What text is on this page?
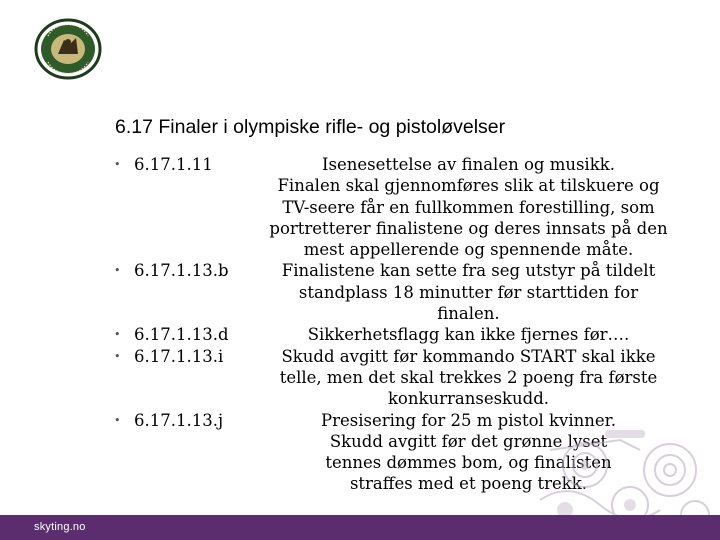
6.17 Finaler i olympiske rifle- og pistoløvelser
• 6.17.1.11	Isenesettelse av finalen og musikk.
Finalen skal gjennomføres slik at tilskuere og
TV-seere får en fullkommen forestilling, som
portretterer finalistene og deres innsats på den
mest appellerende og spennende måte.
• 6.17.1.13.b	Finalistene kan sette fra seg utstyr på tildelt
standplass 18 minutter før starttiden for
finalen.
• 6.17.1.13.d	Sikkerhetsflagg kan ikke fjernes før….
• 6.17.1.13.i	Skudd avgitt før kommando START skal ikke
telle, men det skal trekkes 2 poeng fra første
konkurranseskudd.
• 6.17.1.13.j	Presisering for 25 m pistol kvinner.
Skudd avgitt før det grønne lyset
tennes dømmes bom, og finalisten
straffes med et poeng trekk.
skyting.no
